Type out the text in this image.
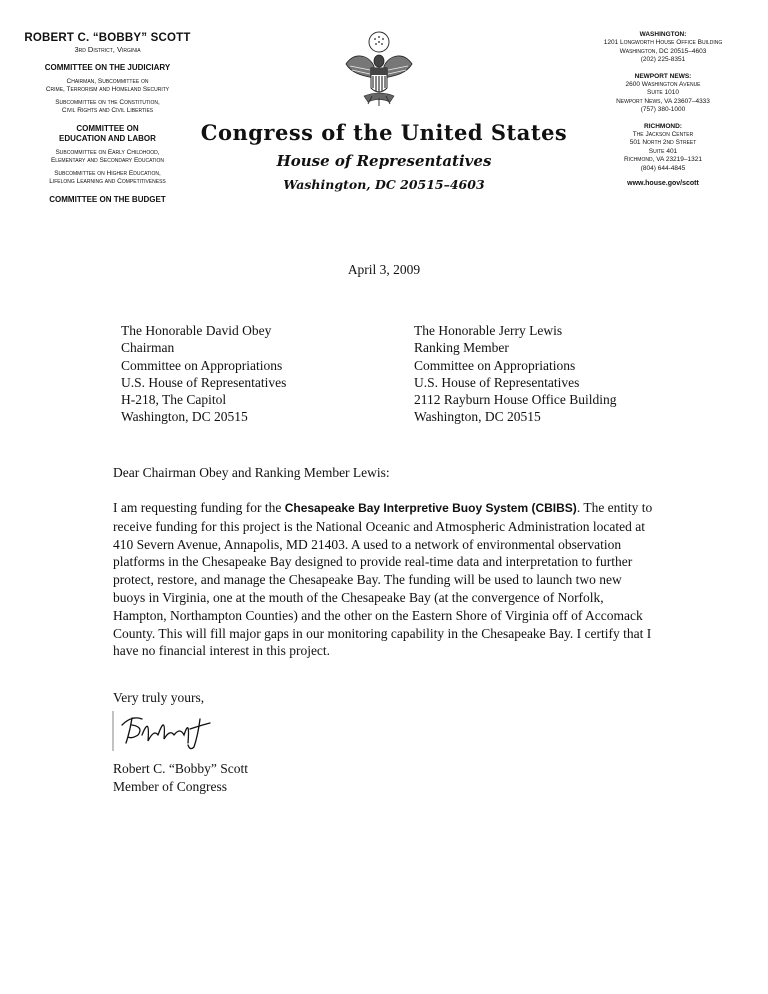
ROBERT C. “BOBBY” SCOTT
3rd District, Virginia
COMMITTEE ON THE JUDICIARY
Chairman, Subcommittee on
Crime, Terrorism and Homeland Security
Subcommittee on the Constitution,
Civil Rights and Civil Liberties
COMMITTEE ON
EDUCATION AND LABOR
Subcommittee on Early Childhood,
Elementary and Secondary Education
Subcommittee on Higher Education,
Lifelong Learning and Competitiveness
COMMITTEE ON THE BUDGET
Congress of the United States
House of Representatives
Washington, DC 20515–4603
WASHINGTON:
1201 Longworth House Office Building
Washington, DC 20515–4603
(202) 225-8351
NEWPORT NEWS:
2600 Washington Avenue
Suite 1010
Newport News, VA 23607–4333
(757) 380-1000
RICHMOND:
The Jackson Center
501 North 2nd Street
Suite 401
Richmond, VA 23219–1321
(804) 644-4845
www.house.gov/scott
April 3, 2009
The Honorable David Obey
Chairman
Committee on Appropriations
U.S. House of Representatives
H-218, The Capitol
Washington, DC 20515
The Honorable Jerry Lewis
Ranking Member
Committee on Appropriations
U.S. House of Representatives
2112 Rayburn House Office Building
Washington, DC 20515
Dear Chairman Obey and Ranking Member Lewis:
I am requesting funding for the Chesapeake Bay Interpretive Buoy System (CBIBS). The entity to receive funding for this project is the National Oceanic and Atmospheric Administration located at 410 Severn Avenue, Annapolis, MD 21403. A used to a network of environmental observation platforms in the Chesapeake Bay designed to provide real-time data and interpretation to further protect, restore, and manage the Chesapeake Bay. The funding will be used to launch two new buoys in Virginia, one at the mouth of the Chesapeake Bay (at the convergence of Norfolk, Hampton, Northampton Counties) and the other on the Eastern Shore of Virginia off of Accomack County. This will fill major gaps in our monitoring capability in the Chesapeake Bay. I certify that I have no financial interest in this project.
Very truly yours,
Robert C. “Bobby” Scott
Member of Congress
